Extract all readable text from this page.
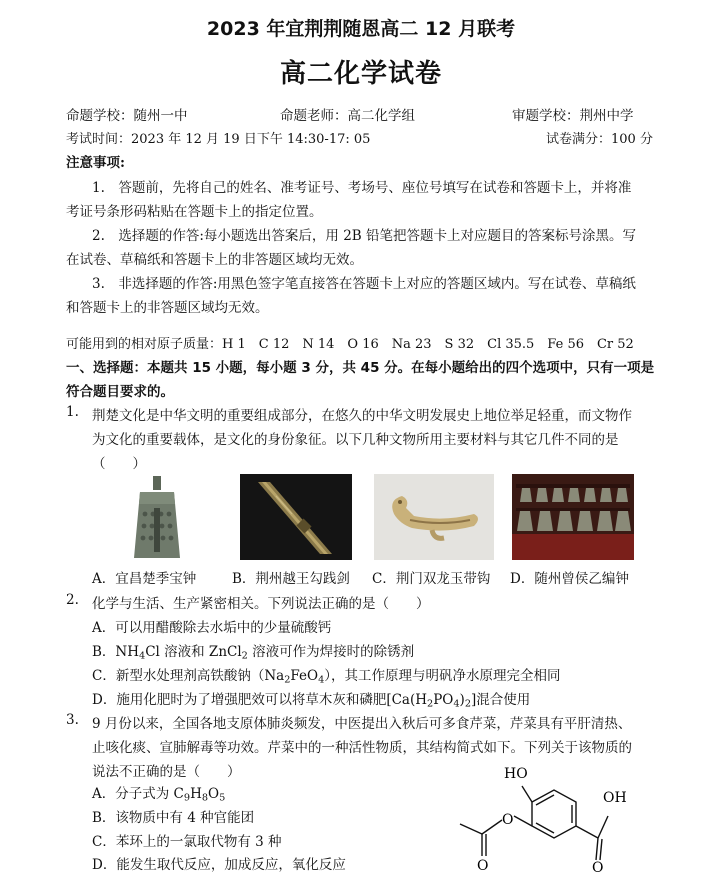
2023 年宜荆荆随恩高二 12 月联考
高二化学试卷
命题学校：随州一中	命题老师：高二化学组	审题学校：荆州中学
考试时间：2023 年 12 月 19 日下午 14:30-17: 05	试卷满分：100 分
注意事项:
1.　答题前，先将自己的姓名、准考证号、考场号、座位号填写在试卷和答题卡上，并将准
考证号条形码粘贴在答题卡上的指定位置。
2.　选择题的作答:每小题选出答案后，用 2B 铅笔把答题卡上对应题目的答案标号涂黑。写
在试卷、草稿纸和答题卡上的非答题区域均无效。
3.　非选择题的作答:用黑色签字笔直接答在答题卡上对应的答题区域内。写在试卷、草稿纸
和答题卡上的非答题区域均无效。
可能用到的相对原子质量：H 1　C 12　N 14　O 16　Na 23　S 32　Cl 35.5　Fe 56　Cr 52
一、选择题：本题共 15 小题，每小题 3 分，共 45 分。在每小题给出的四个选项中，只有一项是
符合题目要求的。
1. 荆楚文化是中华文明的重要组成部分，在悠久的中华文明发展史上地位举足轻重，而文物作
为文化的重要载体，是文化的身份象征。以下几种文物所用主要材料与其它几件不同的是
（　　）
A．宜昌楚季宝钟	B．荆州越王勾践剑 C．荆门双龙玉带钩 D．随州曾侯乙编钟
2. 化学与生活、生产紧密相关。下列说法正确的是（　　）
A．可以用醋酸除去水垢中的少量硫酸钙
B．$NH_4Cl$ 溶液和 ZnCl$_2$ 溶液可作为焊接时的除锈剂
C．新型水处理剂高铁酸钠$(Na_2FeO_4)$，其工作原理与明矾净水原理完全相同
D．施用化肥时为了增强肥效可以将草木灰和磷肥$[Ca(H_2PO_4)_2]$混合使用
3. 9 月份以来，全国各地支原体肺炎频发，中医提出入秋后可多食芹菜，芹菜具有平肝清热、
止咳化痰、宣肺解毒等功效。芹菜中的一种活性物质，其结构简式如下。下列关于该物质的
说法不正确的是（　　）
A．分子式为 $C_9H_8O_5$
B．该物质中有 4 种官能团
C．苯环上的一氯取代物有 3 种
D．能发生取代反应，加成反应，氧化反应
HO
OH
O
O	O
